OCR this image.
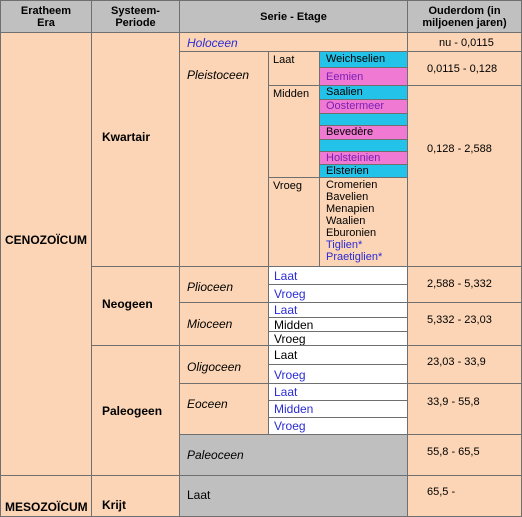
Eratheem
Era
Systeem-
Periode	Serie - Etage	Ouderdom (in
miljoenen jaren)
CENOZOÏCUM
MESOZOÏCUM
Kwartair
Neogeen
Paleogeen
Krijt
Holoceen
Pleistoceen
Laat
Midden
Vroeg
Weichselien
Eemien
Saalien
Oostermeer
Bevedère
Holsteinien
Elsterien
Cromerien
Bavelien
Menapien
Waalien
Eburonien
Tiglien*
Praetiglien*
Plioceen
Laat
Vroeg
Mioceen
Laat
Midden
Vroeg
Oligoceen
Laat
Vroeg
Eoceen
Laat
Midden
Vroeg
Paleoceen
Laat
nu - 0,0115
0,0115 - 0,128
0,128 - 2,588
2,588 - 5,332
5,332 - 23,03
23,03 - 33,9
33,9 - 55,8
55,8 - 65,5
65,5 -
